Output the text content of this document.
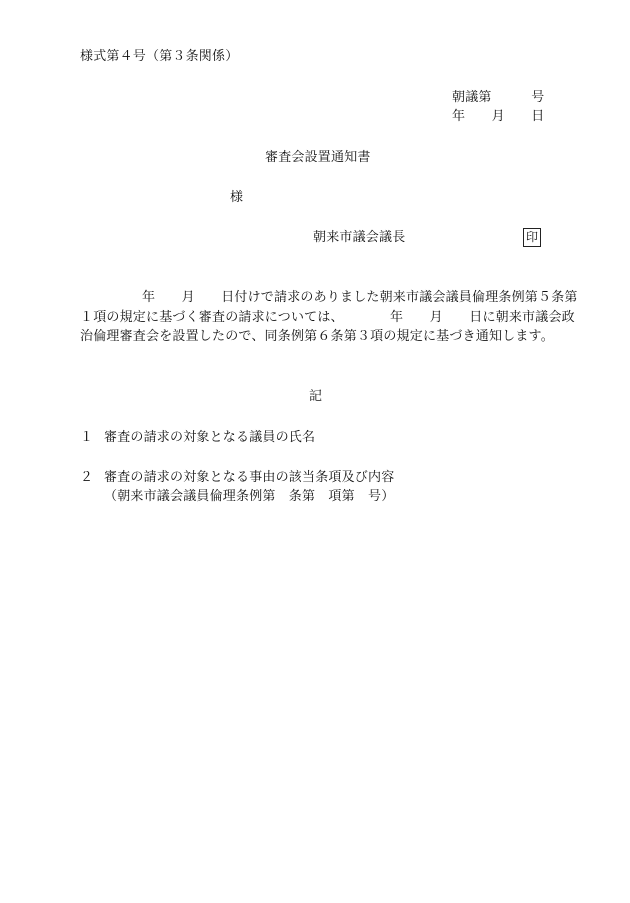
様式第４号（第３条関係）
朝議第　　　号
年　　月　　日
審査会設置通知書
様
朝来市議会議長	印
年　　月　　日付けで請求のありました朝来市議会議員倫理条例第５条第
１項の規定に基づく審査の請求については、　　　　年　　月　　日に朝来市議会政
治倫理審査会を設置したので、同条例第６条第３項の規定に基づき通知します。
記
１ 審査の請求の対象となる議員の氏名
２ 審査の請求の対象となる事由の該当条項及び内容
（朝来市議会議員倫理条例第　条第　項第　号）
